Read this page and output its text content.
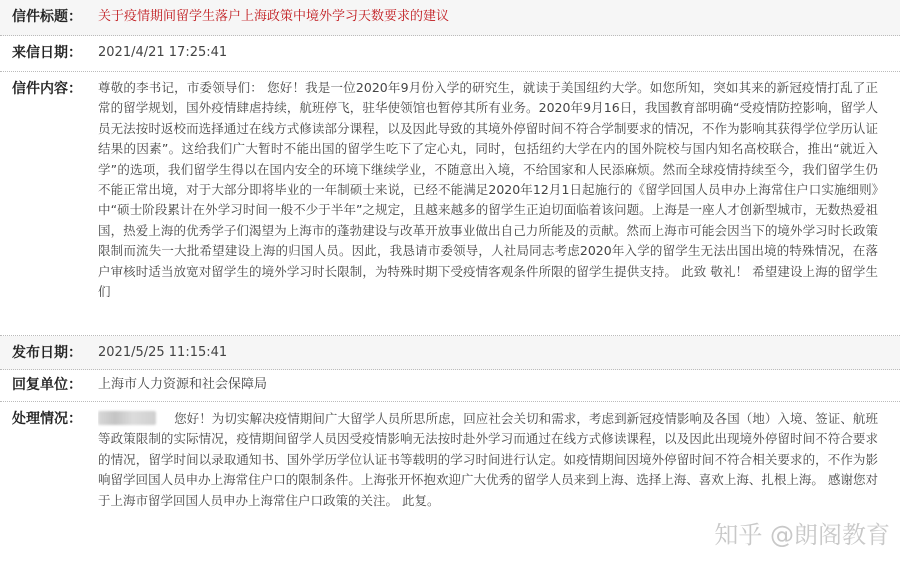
信件标题： 关于疫情期间留学生落户上海政策中境外学习天数要求的建议
来信日期： 2021/4/21 17:25:41
信件内容： 尊敬的李书记，市委领导们： 您好！我是一位2020年9月份入学的研究生，就读于美国纽约大学。如您所知，突如其来的新冠疫情打乱了正常的留学规划，国外疫情肆虐持续，航班停飞，驻华使领馆也暂停其所有业务。2020年9月16日，我国教育部明确“受疫情防控影响，留学人员无法按时返校而选择通过在线方式修读部分课程，以及因此导致的其境外停留时间不符合学制要求的情况，不作为影响其获得学位学历认证结果的因素”。这给我们广大暂时不能出国的留学生吃下了定心丸，同时，包括纽约大学在内的国外院校与国内知名高校联合，推出“就近入学”的选项，我们留学生得以在国内安全的环境下继续学业，不随意出入境，不给国家和人民添麻烦。然而全球疫情持续至今，我们留学生仍不能正常出境，对于大部分即将毕业的一年制硕士来说，已经不能满足2020年12月1日起施行的《留学回国人员申办上海常住户口实施细则》中“硕士阶段累计在外学习时间一般不少于半年”之规定，且越来越多的留学生正迫切面临着该问题。上海是一座人才创新型城市，无数热爱祖国，热爱上海的优秀学子们渴望为上海市的蓬勃建设与改革开放事业做出自己力所能及的贡献。然而上海市可能会因当下的境外学习时长政策限制而流失一大批希望建设上海的归国人员。因此，我恳请市委领导，人社局同志考虑2020年入学的留学生无法出国出境的特殊情况，在落户审核时适当放宽对留学生的境外学习时长限制，为特殊时期下受疫情客观条件所限的留学生提供支持。 此致 敬礼！ 希望建设上海的留学生们
发布日期： 2021/5/25 11:15:41
回复单位： 上海市人力资源和社会保障局
处理情况：	您好！为切实解决疫情期间广大留学人员所思所虑，回应社会关切和需求，考虑到新冠疫情影响及各国（地）入境、签证、航班等政策限制的实际情况，疫情期间留学人员因受疫情影响无法按时赴外学习而通过在线方式修读课程，以及因此出现境外停留时间不符合要求的情况，留学时间以录取通知书、国外学历学位认证书等载明的学习时间进行认定。如疫情期间因境外停留时间不符合相关要求的，不作为影响留学回国人员申办上海常住户口的限制条件。上海张开怀抱欢迎广大优秀的留学人员来到上海、选择上海、喜欢上海、扎根上海。 感谢您对于上海市留学回国人员申办上海常住户口政策的关注。 此复。
知乎 @朗阁教育
